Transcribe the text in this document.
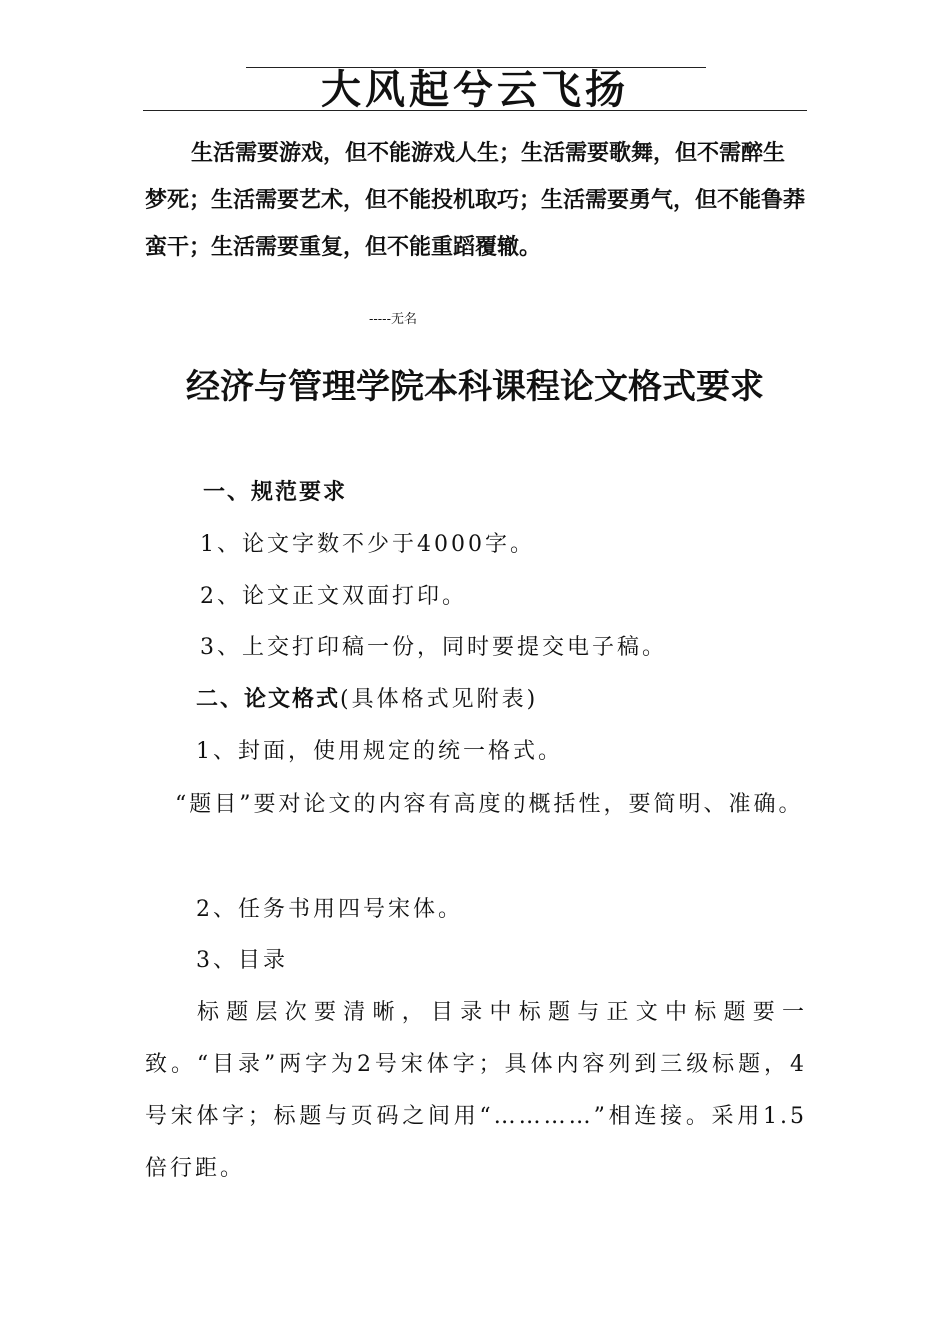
大风起兮云飞扬

生活需要游戏，但不能游戏人生；生活需要歌舞，但不需醉生梦死；生活需要艺术，但不能投机取巧；生活需要勇气，但不能鲁莽蛮干；生活需要重复，但不能重蹈覆辙。

-----无名
经济与管理学院本科课程论文格式要求
一、规范要求
1、论文字数不少于4000字。
2、论文正文双面打印。
3、上交打印稿一份，同时要提交电子稿。
二、论文格式(具体格式见附表)
1、封面，使用规定的统一格式。

“题目”要对论文的内容有高度的概括性，要简明、准确。

2、任务书用四号宋体。
3、目录

标题层次要清晰，目录中标题与正文中标题要一致。“目录”两字为2号宋体字；具体内容列到三级标题，4号宋体字；标题与页码之间用“…………”相连接。采用1.5倍行距。
